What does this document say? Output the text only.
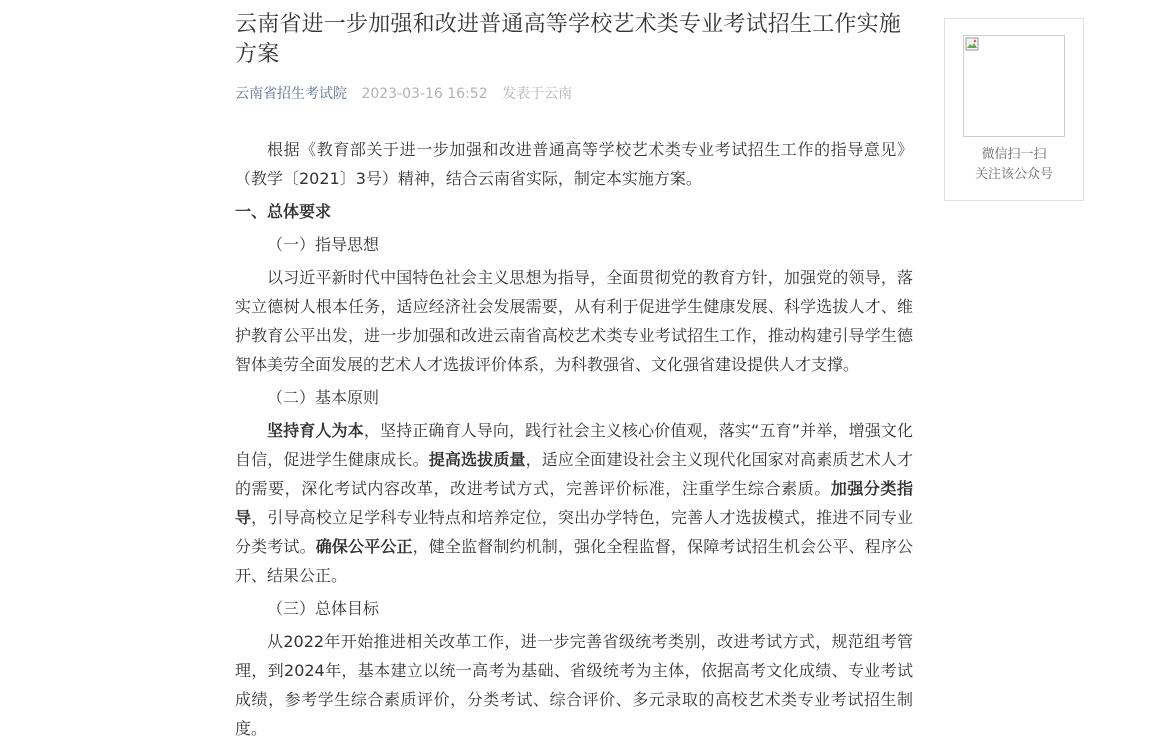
云南省进一步加强和改进普通高等学校艺术类专业考试招生工作实施方案
云南省招生考试院 2023-03-16 16:52 发表于云南

根据《教育部关于进一步加强和改进普通高等学校艺术类专业考试招生工作的指导意见》（教学〔2021〕3号）精神，结合云南省实际，制定本实施方案。

一、总体要求

（一）指导思想

以习近平新时代中国特色社会主义思想为指导，全面贯彻党的教育方针，加强党的领导，落实立德树人根本任务，适应经济社会发展需要，从有利于促进学生健康发展、科学选拔人才、维护教育公平出发，进一步加强和改进云南省高校艺术类专业考试招生工作，推动构建引导学生德智体美劳全面发展的艺术人才选拔评价体系，为科教强省、文化强省建设提供人才支撑。

（二）基本原则

坚持育人为本，坚持正确育人导向，践行社会主义核心价值观，落实“五育”并举，增强文化自信，促进学生健康成长。提高选拔质量，适应全面建设社会主义现代化国家对高素质艺术人才的需要，深化考试内容改革，改进考试方式，完善评价标准，注重学生综合素质。加强分类指导，引导高校立足学科专业特点和培养定位，突出办学特色，完善人才选拔模式，推进不同专业分类考试。确保公平公正，健全监督制约机制，强化全程监督，保障考试招生机会公平、程序公开、结果公正。

（三）总体目标

从2022年开始推进相关改革工作，进一步完善省级统考类别，改进考试方式，规范组考管理，到2024年，基本建立以统一高考为基础、省级统考为主体，依据高考文化成绩、专业考试成绩，参考学生综合素质评价，分类考试、综合评价、多元录取的高校艺术类专业考试招生制度。

微信扫一扫
关注该公众号
